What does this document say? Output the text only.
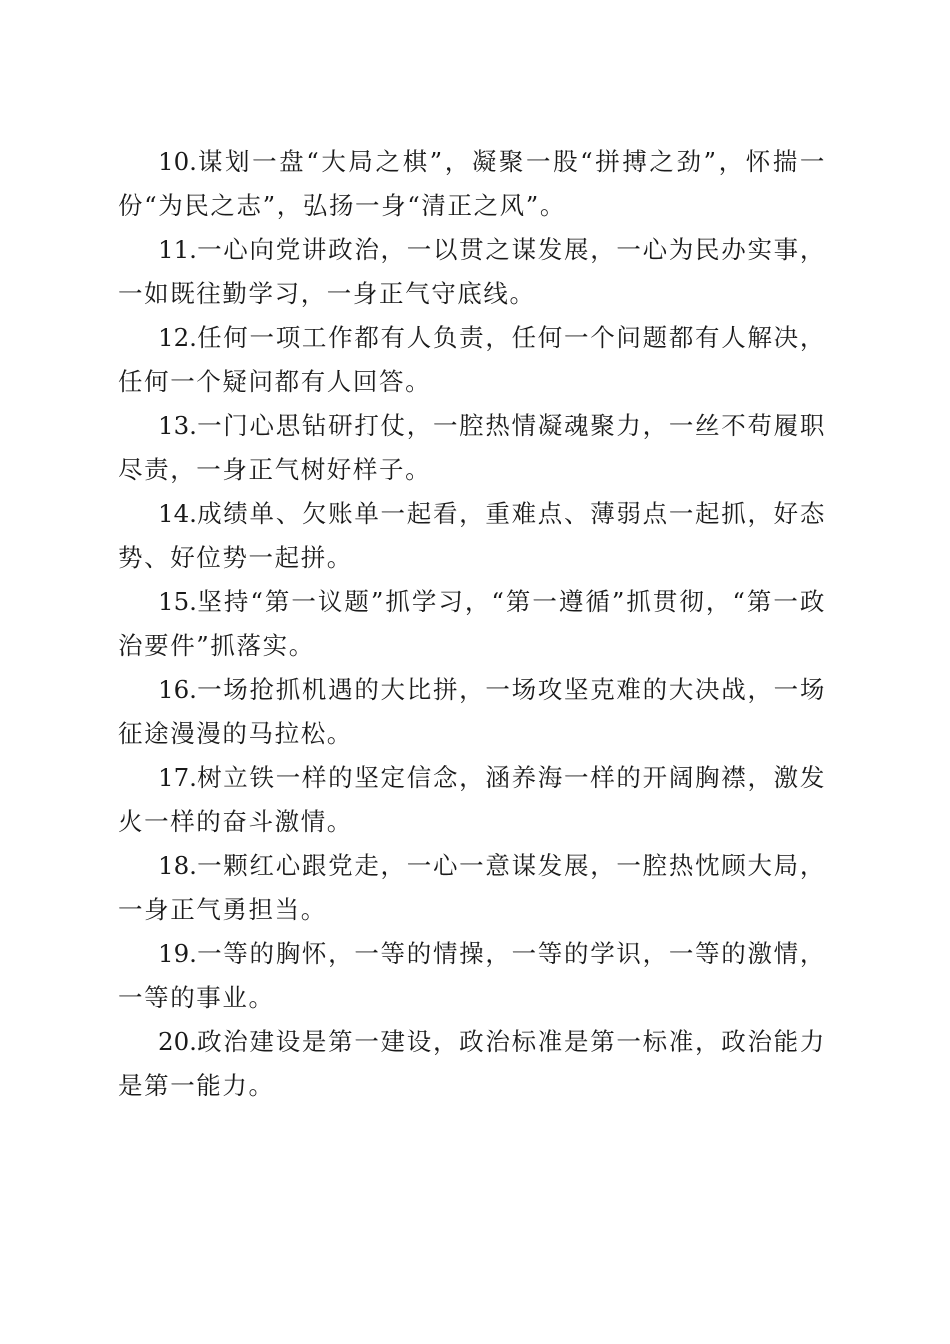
10.谋划一盘“大局之棋”，凝聚一股“拼搏之劲”，怀揣一份“为民之志”，弘扬一身“清正之风”。

11.一心向党讲政治，一以贯之谋发展，一心为民办实事，一如既往勤学习，一身正气守底线。

12.任何一项工作都有人负责，任何一个问题都有人解决，任何一个疑问都有人回答。

13.一门心思钻研打仗，一腔热情凝魂聚力，一丝不苟履职尽责，一身正气树好样子。

14.成绩单、欠账单一起看，重难点、薄弱点一起抓，好态势、好位势一起拼。

15.坚持“第一议题”抓学习，“第一遵循”抓贯彻，“第一政治要件”抓落实。

16.一场抢抓机遇的大比拼，一场攻坚克难的大决战，一场征途漫漫的马拉松。

17.树立铁一样的坚定信念，涵养海一样的开阔胸襟，激发火一样的奋斗激情。

18.一颗红心跟党走，一心一意谋发展，一腔热忱顾大局，一身正气勇担当。

19.一等的胸怀，一等的情操，一等的学识，一等的激情，一等的事业。

20.政治建设是第一建设，政治标准是第一标准，政治能力是第一能力。
